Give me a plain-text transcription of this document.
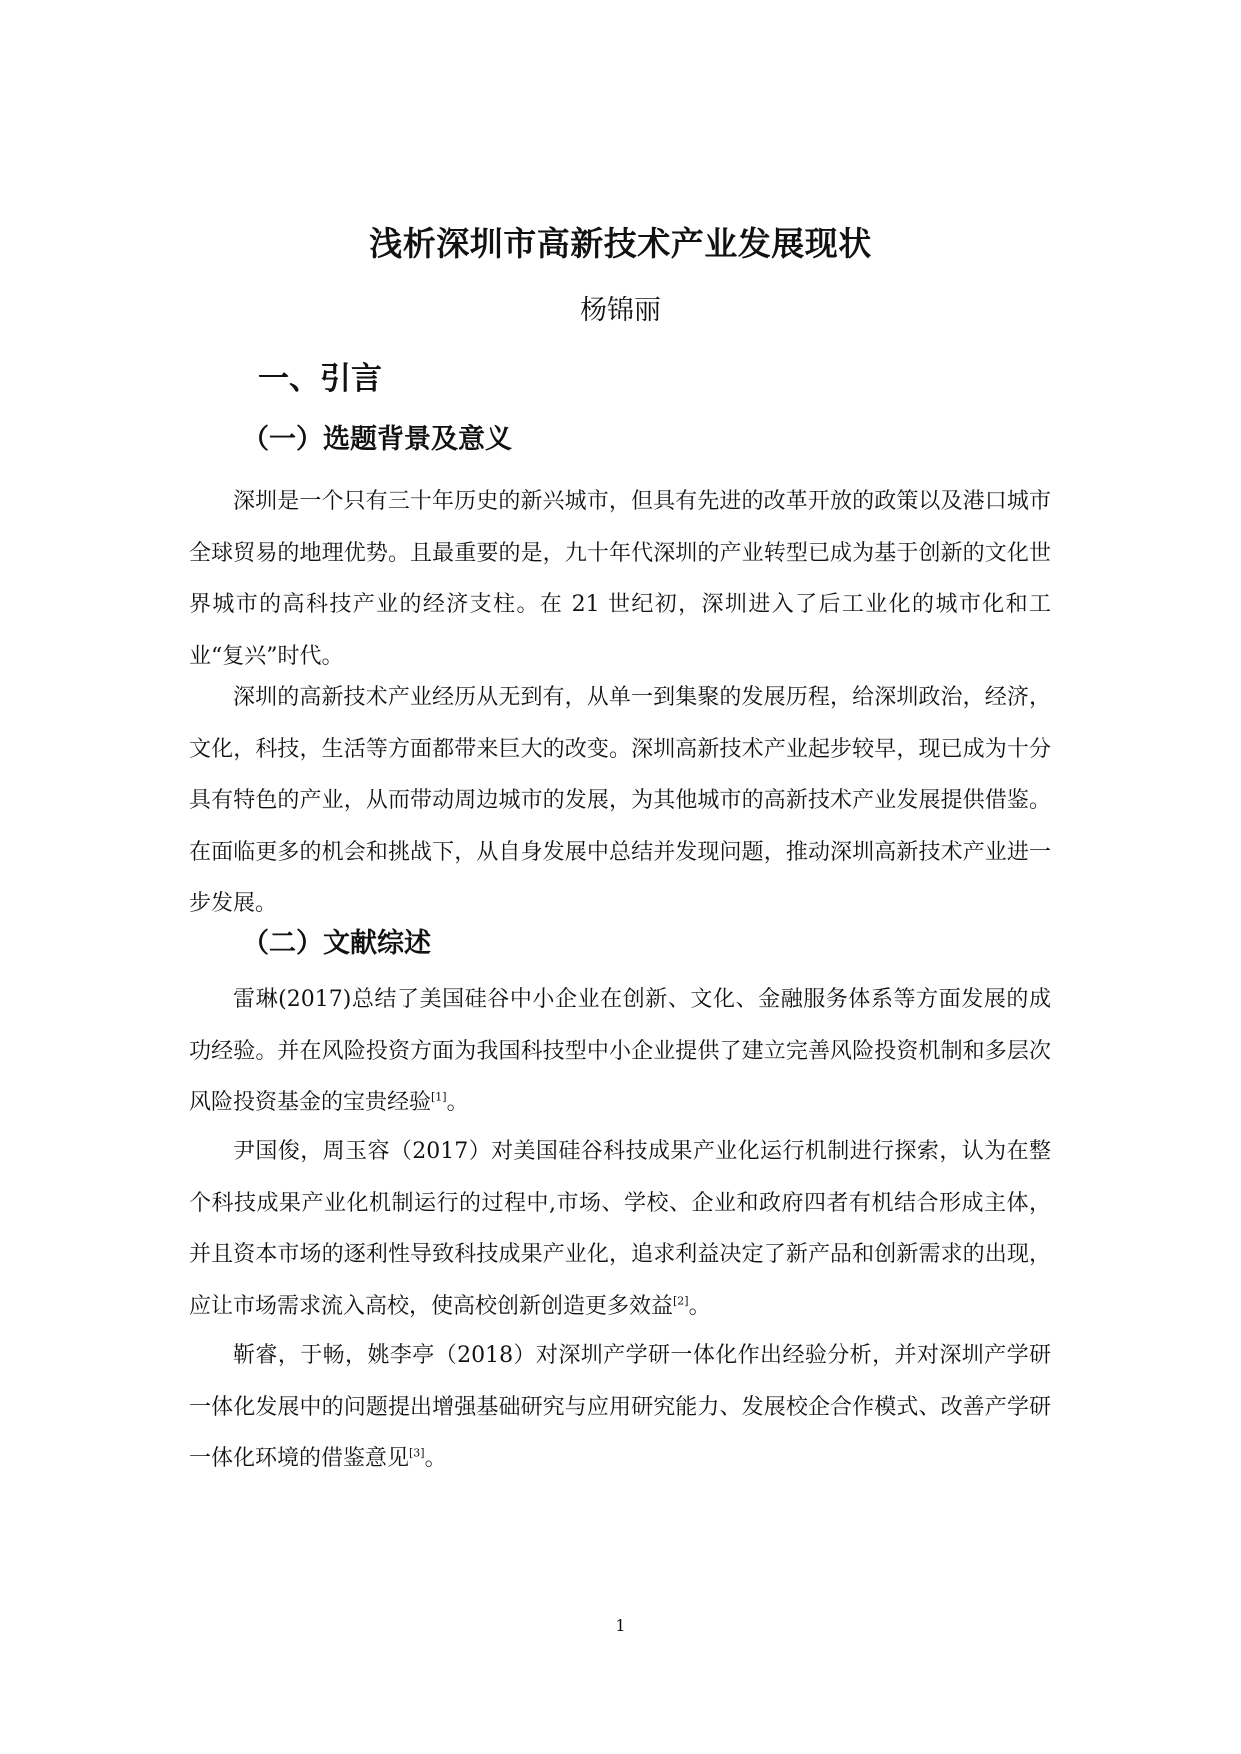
浅析深圳市高新技术产业发展现状
杨锦丽
一、引言
（一）选题背景及意义

深圳是一个只有三十年历史的新兴城市，但具有先进的改革开放的政策以及港口城市全球贸易的地理优势。且最重要的是，九十年代深圳的产业转型已成为基于创新的文化世界城市的高科技产业的经济支柱。在 21 世纪初，深圳进入了后工业化的城市化和工业“复兴”时代。

深圳的高新技术产业经历从无到有，从单一到集聚的发展历程，给深圳政治，经济，文化，科技，生活等方面都带来巨大的改变。深圳高新技术产业起步较早，现已成为十分具有特色的产业，从而带动周边城市的发展，为其他城市的高新技术产业发展提供借鉴。在面临更多的机会和挑战下，从自身发展中总结并发现问题，推动深圳高新技术产业进一步发展。

（二）文献综述

雷琳(2017)总结了美国硅谷中小企业在创新、文化、金融服务体系等方面发展的成功经验。并在风险投资方面为我国科技型中小企业提供了建立完善风险投资机制和多层次风险投资基金的宝贵经验[1]。

尹国俊，周玉容（2017）对美国硅谷科技成果产业化运行机制进行探索，认为在整个科技成果产业化机制运行的过程中,市场、学校、企业和政府四者有机结合形成主体，并且资本市场的逐利性导致科技成果产业化，追求利益决定了新产品和创新需求的出现，应让市场需求流入高校，使高校创新创造更多效益[2]。

靳睿，于畅，姚李亭（2018）对深圳产学研一体化作出经验分析，并对深圳产学研一体化发展中的问题提出增强基础研究与应用研究能力、发展校企合作模式、改善产学研一体化环境的借鉴意见[3]。

1
